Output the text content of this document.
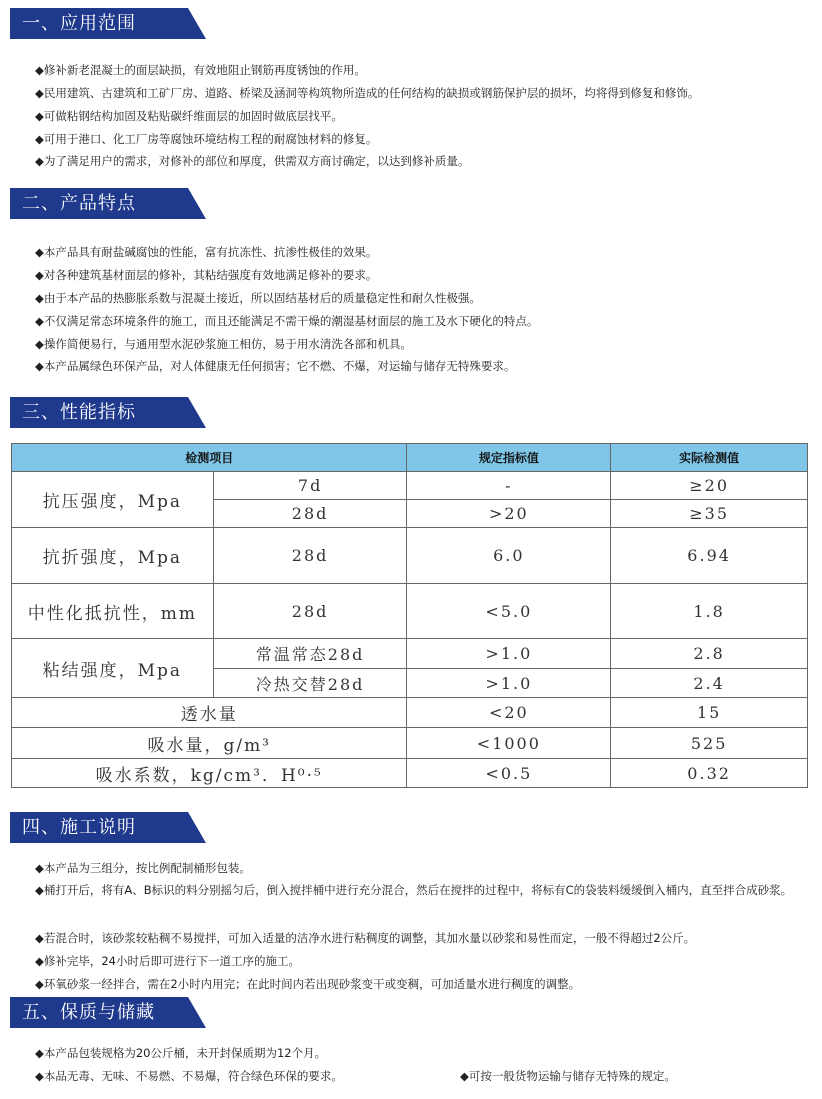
一、应用范围
◆修补新老混凝土的面层缺损，有效地阻止钢筋再度锈蚀的作用。
◆民用建筑、古建筑和工矿厂房、道路、桥梁及涵洞等构筑物所造成的任何结构的缺损或钢筋保护层的损坏，均将得到修复和修饰。
◆可做粘钢结构加固及粘贴碳纤维面层的加固时做底层找平。
◆可用于港口、化工厂房等腐蚀环境结构工程的耐腐蚀材料的修复。
◆为了满足用户的需求，对修补的部位和厚度，供需双方商讨确定，以达到修补质量。
二、产品特点
◆本产品具有耐盐碱腐蚀的性能，富有抗冻性、抗渗性极佳的效果。
◆对各种建筑基材面层的修补，其粘结强度有效地满足修补的要求。
◆由于本产品的热膨胀系数与混凝土接近，所以固结基材后的质量稳定性和耐久性极强。
◆不仅满足常态环境条件的施工，而且还能满足不需干燥的潮湿基材面层的施工及水下硬化的特点。
◆操作简便易行，与通用型水泥砂浆施工相仿，易于用水清洗各部和机具。
◆本产品属绿色环保产品，对人体健康无任何损害；它不燃、不爆，对运输与储存无特殊要求。
三、性能指标
检测项目		规定指标值	实际检测值
抗压强度，Mpa	7d	-	≥20
	28d	>20	≥35
抗折强度，Mpa	28d	6.0	6.94
中性化抵抗性，mm	28d	<5.0	1.8
粘结强度，Mpa	常温常态28d	>1.0	2.8
	冷热交替28d	>1.0	2.4
透水量		<20	15
吸水量，g/m³		<1000	525
吸水系数，kg/cm³．H⁰·⁵		<0.5	0.32
四、施工说明
◆本产品为三组分，按比例配制桶形包装。
◆桶打开后，将有A、B标识的料分别摇匀后，倒入搅拌桶中进行充分混合，然后在搅拌的过程中，将标有C的袋装料缓缓倒入桶内，直至拌合成砂浆。
◆若混合时，该砂浆较粘稠不易搅拌，可加入适量的洁净水进行粘稠度的调整，其加水量以砂浆和易性而定，一般不得超过2公斤。
◆修补完毕，24小时后即可进行下一道工序的施工。
◆环氧砂浆一经拌合，需在2小时内用完；在此时间内若出现砂浆变干或变稠，可加适量水进行稠度的调整。
五、保质与储藏
◆本产品包装规格为20公斤桶，未开封保质期为12个月。
◆本品无毒、无味、不易燃、不易爆，符合绿色环保的要求。	◆可按一般货物运输与储存无特殊的规定。
